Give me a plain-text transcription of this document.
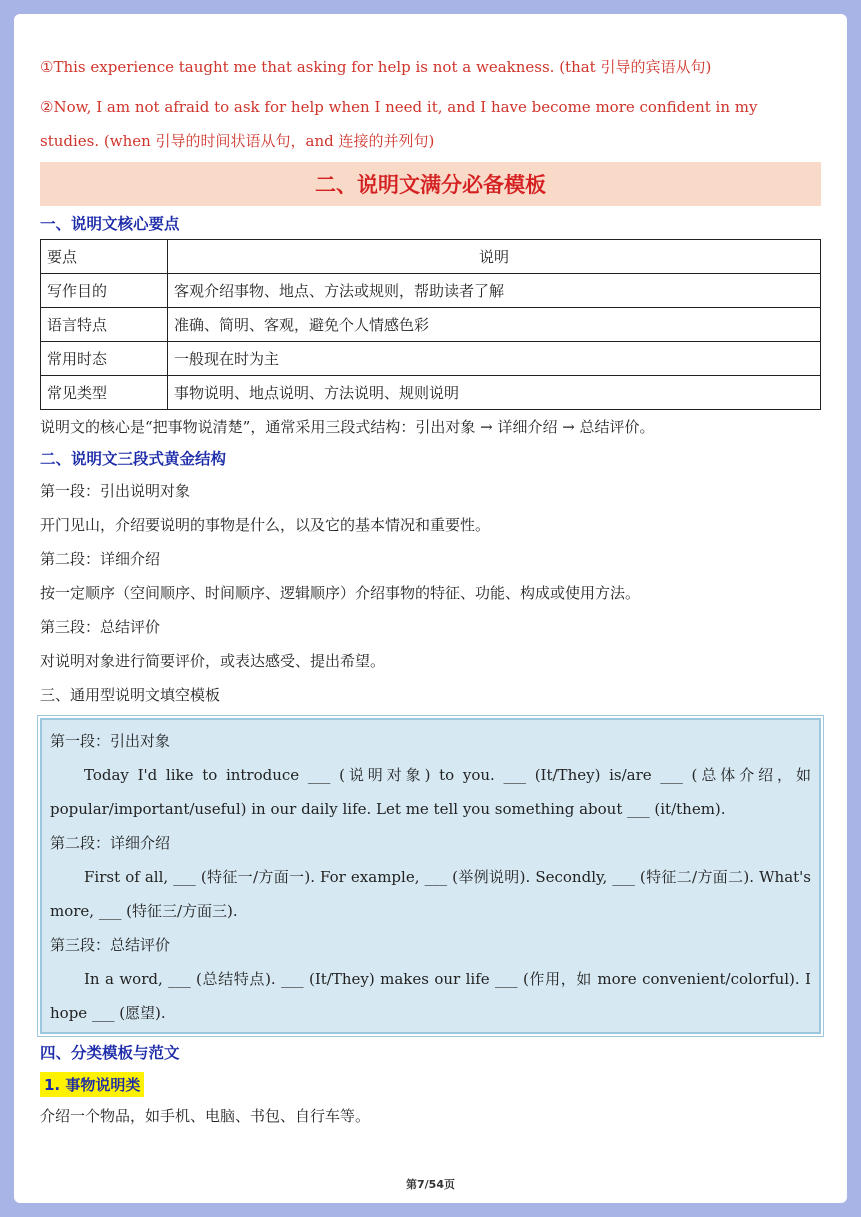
①This experience taught me that asking for help is not a weakness. (that 引导的宾语从句)
②Now, I am not afraid to ask for help when I need it, and I have become more confident in my studies. (when 引导的时间状语从句，and 连接的并列句)
二、说明文满分必备模板
一、说明文核心要点
要点	说明
写作目的	客观介绍事物、地点、方法或规则，帮助读者了解
语言特点	准确、简明、客观，避免个人情感色彩
常用时态	一般现在时为主
常见类型	事物说明、地点说明、方法说明、规则说明
说明文的核心是“把事物说清楚”，通常采用三段式结构：引出对象 → 详细介绍 → 总结评价。
二、说明文三段式黄金结构
第一段：引出说明对象
开门见山，介绍要说明的事物是什么，以及它的基本情况和重要性。
第二段：详细介绍
按一定顺序（空间顺序、时间顺序、逻辑顺序）介绍事物的特征、功能、构成或使用方法。
第三段：总结评价
对说明对象进行简要评价，或表达感受、提出希望。
三、通用型说明文填空模板
第一段：引出对象
Today I'd like to introduce ___ (说明对象) to you. ___ (It/They) is/are ___ (总体介绍，如 popular/important/useful) in our daily life. Let me tell you something about ___ (it/them).
第二段：详细介绍
First of all, ___ (特征一/方面一). For example, ___ (举例说明). Secondly, ___ (特征二/方面二). What's more, ___ (特征三/方面三).
第三段：总结评价
In a word, ___ (总结特点). ___ (It/They) makes our life ___ (作用，如 more convenient/colorful). I hope ___ (愿望).
四、分类模板与范文
1. 事物说明类
介绍一个物品，如手机、电脑、书包、自行车等。
第7/54页
